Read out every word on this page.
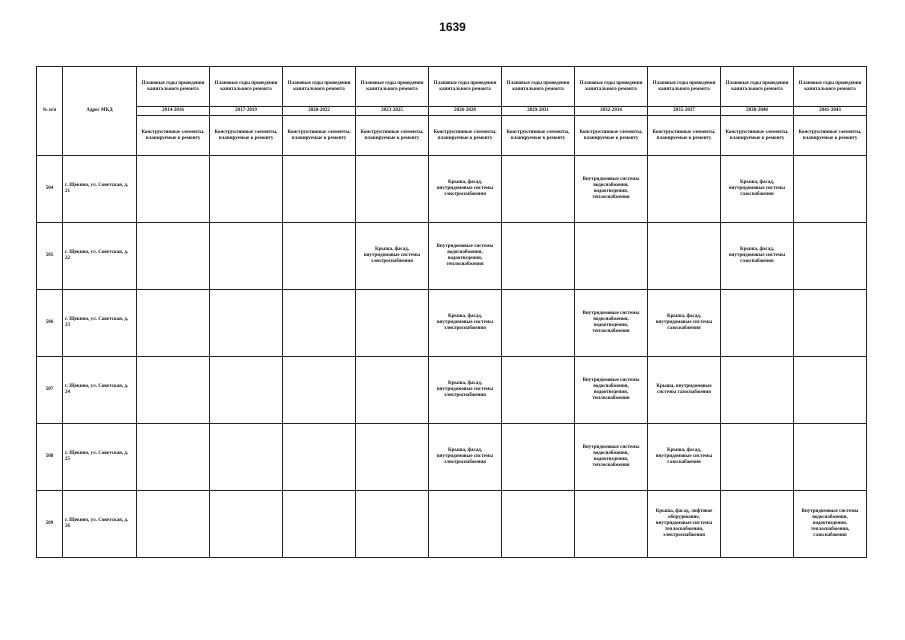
1639
№ п/п	Адрес МКД	Плановые годы проведения капитального ремонта	Плановые годы проведения капитального ремонта	Плановые годы проведения капитального ремонта	Плановые годы проведения капитального ремонта	Плановые годы проведения капитального ремонта	Плановые годы проведения капитального ремонта	Плановые годы проведения капитального ремонта	Плановые годы проведения капитального ремонта	Плановые годы проведения капитального ремонта	Плановые годы проведения капитального ремонта
		2014-2016	2017-2019	2020-2022	2023-2025	2026-2028	2029-2031	2032-2034	2035-2037	2038-2040	2041-2043
		Конструктивные элементы, планируемые к ремонту	Конструктивные элементы, планируемые к ремонту	Конструктивные элементы, планируемые к ремонту	Конструктивные элементы, планируемые к ремонту	Конструктивные элементы, планируемые к ремонту	Конструктивные элементы, планируемые к ремонту	Конструктивные элементы, планируемые к ремонту	Конструктивные элементы, планируемые к ремонту	Конструктивные элементы, планируемые к ремонту	Конструктивные элементы, планируемые к ремонту
504	г. Щекино, ул. Советская, д. 21					Крыша, фасад, внутридомовые системы электроснабжения		Внутридомовые системы водоснабжения, водоотведения, теплоснабжения		Крыша, фасад, внутридомовые системы газоснабжения	
505	г. Щекино, ул. Советская, д. 22				Крыша, фасад, внутридомовые системы электроснабжения	Внутридомовые системы водоснабжения, водоотведения, теплоснабжения				Крыша, фасад, внутридомовые системы газоснабжения	
506	г. Щекино, ул. Советская, д. 23					Крыша, фасад, внутридомовые системы электроснабжения		Внутридомовые системы водоснабжения, водоотведения, теплоснабжения	Крыша, фасад, внутридомовые системы газоснабжения		
507	г. Щекино, ул. Советская, д. 24					Крыша, фасад, внутридомовые системы электроснабжения		Внутридомовые системы водоснабжения, водоотведения, теплоснабжения	Крыша, внутридомовые системы газоснабжения		
508	г. Щекино, ул. Советская, д. 25					Крыша, фасад, внутридомовые системы электроснабжения		Внутридомовые системы водоснабжения, водоотведения, теплоснабжения	Крыша, фасад, внутридомовые системы газоснабжения		
509	г. Щекино, ул. Советская, д. 26								Крыша, фасад, лифтовое оборудование, внутридомовые системы теплоснабжения, электроснабжения		Внутридомовые системы водоснабжения, водоотведения, теплоснабжения, газоснабжения
